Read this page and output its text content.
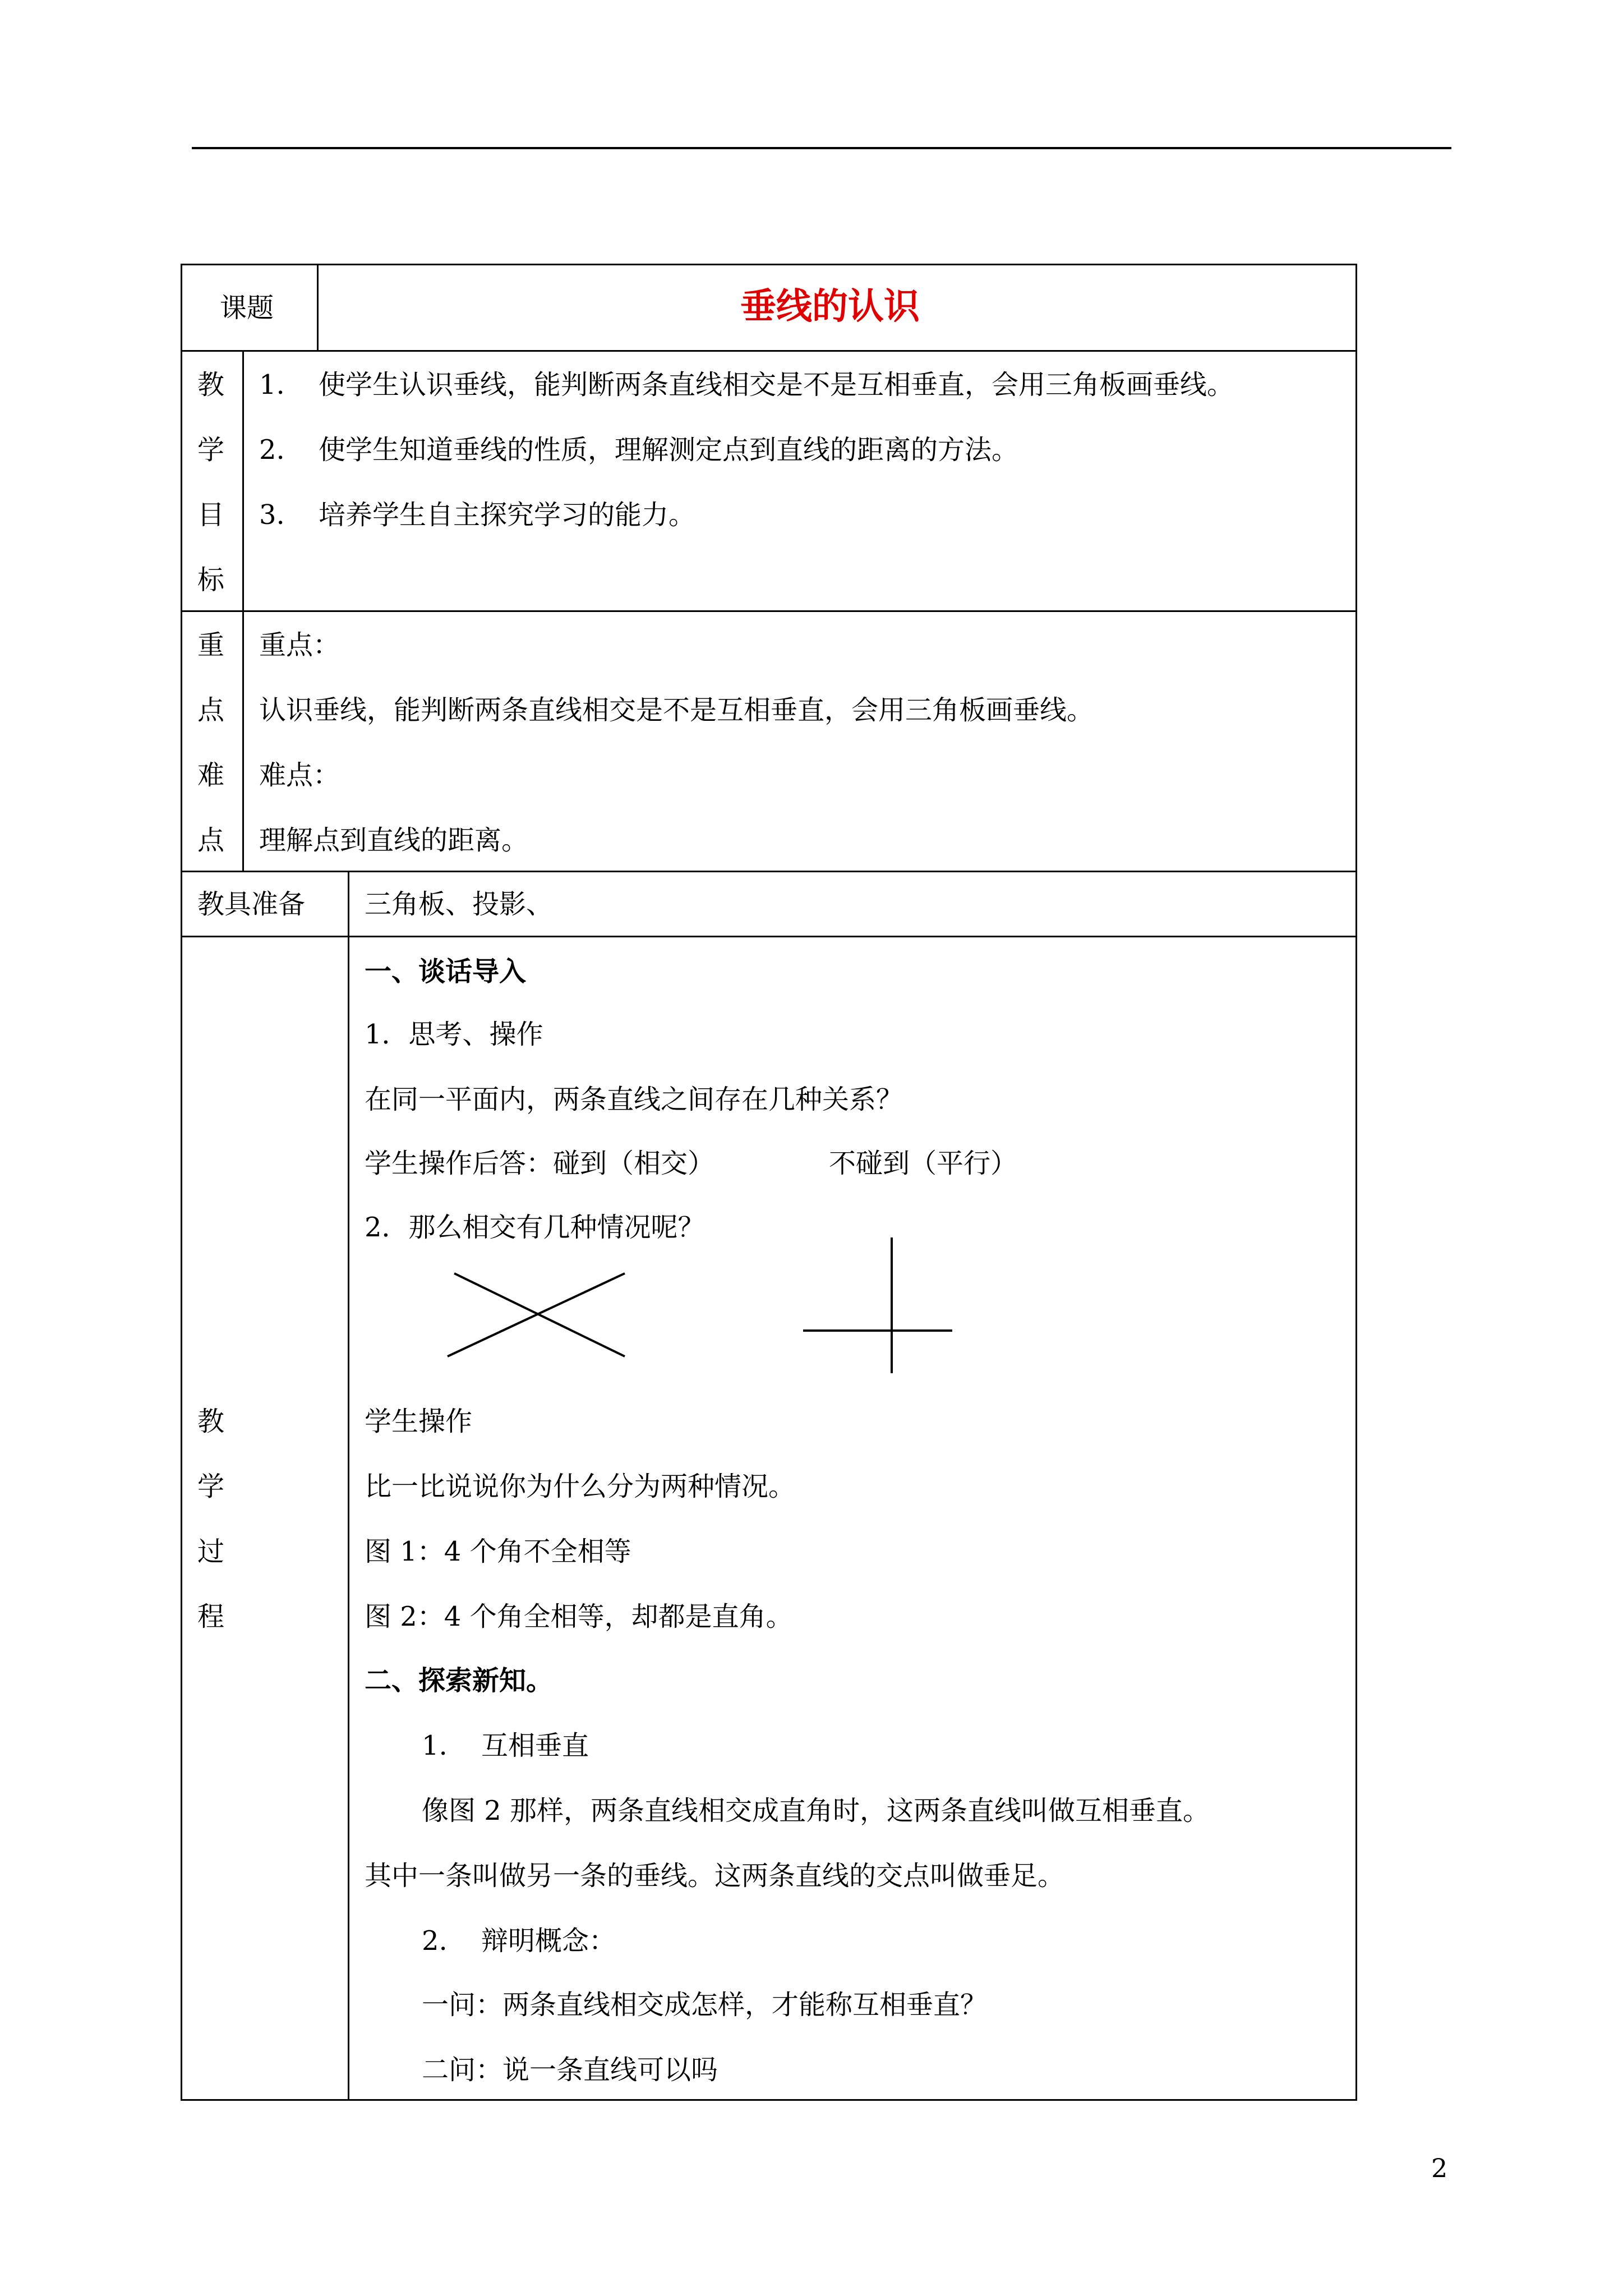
课题	垂线的认识
教
学
目
标
1. 使学生认识垂线，能判断两条直线相交是不是互相垂直，会用三角板画垂线。
2. 使学生知道垂线的性质，理解测定点到直线的距离的方法。
3. 培养学生自主探究学习的能力。
重
点
难
点
重点：
认识垂线，能判断两条直线相交是不是互相垂直，会用三角板画垂线。
难点：
理解点到直线的距离。
教具准备 三角板、投影、
教
学
过
程
一、谈话导入
1．思考、操作
在同一平面内，两条直线之间存在几种关系？
学生操作后答：碰到（相交）	不碰到（平行）
2．那么相交有几种情况呢？
学生操作
比一比说说你为什么分为两种情况。
图 1：4 个角不全相等
图 2：4 个角全相等，却都是直角。
二、探索新知。
1. 互相垂直
像图 2 那样，两条直线相交成直角时，这两条直线叫做互相垂直。
其中一条叫做另一条的垂线。这两条直线的交点叫做垂足。
2. 辩明概念：
一问：两条直线相交成怎样，才能称互相垂直？
二问：说一条直线可以吗
2
